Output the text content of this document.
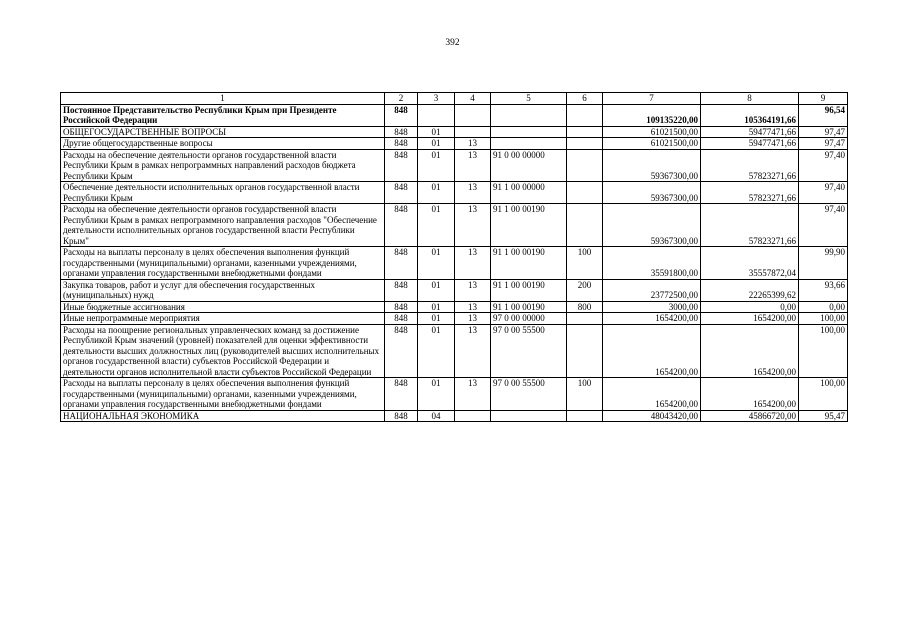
392
1	2	3	4	5	6	7	8	9
Постоянное Представительство Республики Крым при Президенте Российской Федерации	848					109135220,00	105364191,66	96,54
ОБЩЕГОСУДАРСТВЕННЫЕ ВОПРОСЫ	848	01				61021500,00	59477471,66	97,47
Другие общегосударственные вопросы	848	01	13			61021500,00	59477471,66	97,47
Расходы на обеспечение деятельности органов государственной власти Республики Крым в рамках непрограммных направлений расходов бюджета Республики Крым	848	01	13	91 0 00 00000		59367300,00	57823271,66	97,40
Обеспечение деятельности исполнительных органов государственной власти Республики Крым	848	01	13	91 1 00 00000		59367300,00	57823271,66	97,40
Расходы на обеспечение деятельности органов государственной власти Республики Крым в рамках непрограммного направления расходов "Обеспечение деятельности исполнительных органов государственной власти Республики Крым"	848	01	13	91 1 00 00190		59367300,00	57823271,66	97,40
Расходы на выплаты персоналу в целях обеспечения выполнения функций государственными (муниципальными) органами, казенными учреждениями, органами управления государственными внебюджетными фондами	848	01	13	91 1 00 00190	100	35591800,00	35557872,04	99,90
Закупка товаров, работ и услуг для обеспечения государственных (муниципальных) нужд	848	01	13	91 1 00 00190	200	23772500,00	22265399,62	93,66
Иные бюджетные ассигнования	848	01	13	91 1 00 00190	800	3000,00	0,00	0,00
Иные непрограммные мероприятия	848	01	13	97 0 00 00000		1654200,00	1654200,00	100,00
Расходы на поощрение региональных управленческих команд за достижение Республикой Крым значений (уровней) показателей для оценки эффективности деятельности высших должностных лиц (руководителей высших исполнительных органов государственной власти) субъектов Российской Федерации и деятельности органов исполнительной власти субъектов Российской Федерации	848	01	13	97 0 00 55500		1654200,00	1654200,00	100,00
Расходы на выплаты персоналу в целях обеспечения выполнения функций государственными (муниципальными) органами, казенными учреждениями, органами управления государственными внебюджетными фондами	848	01	13	97 0 00 55500	100	1654200,00	1654200,00	100,00
НАЦИОНАЛЬНАЯ ЭКОНОМИКА	848	04				48043420,00	45866720,00	95,47
